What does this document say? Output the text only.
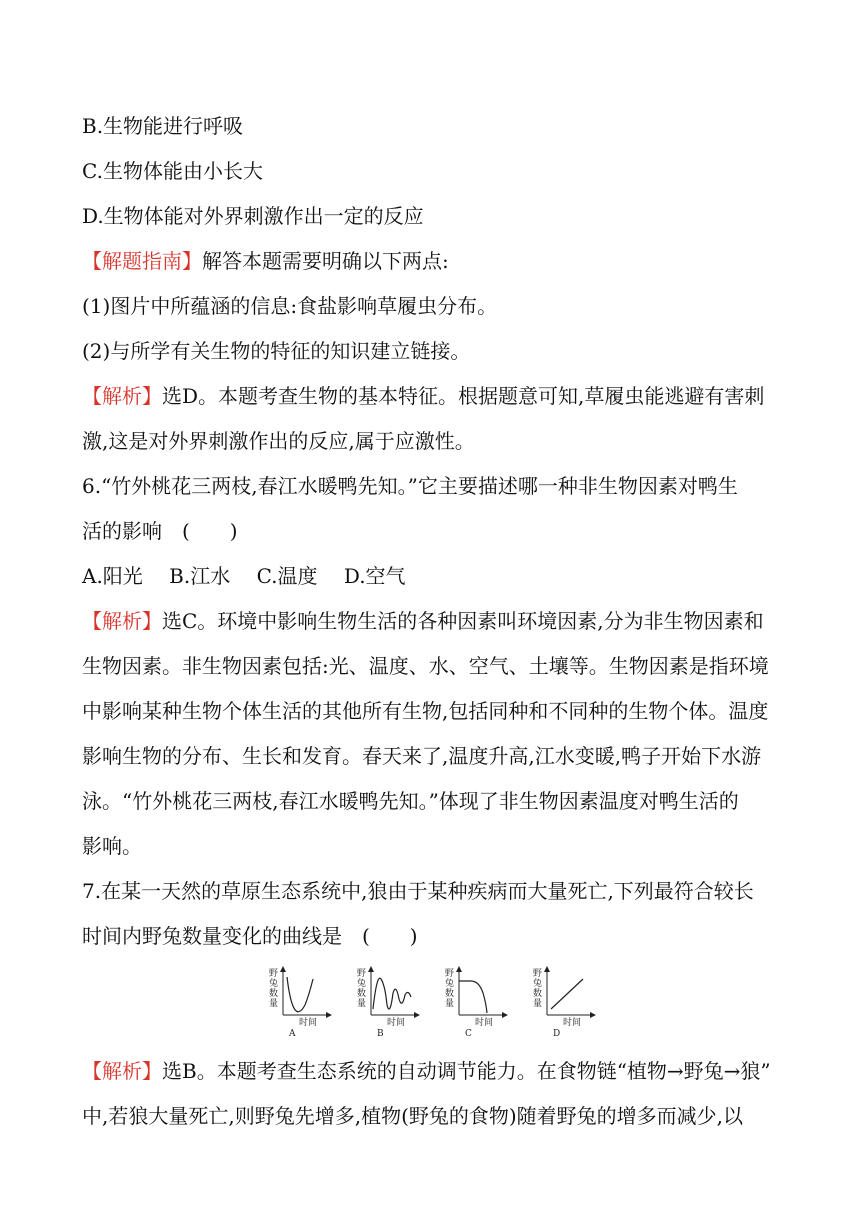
B.生物能进行呼吸
C.生物体能由小长大
D.生物体能对外界刺激作出一定的反应
【解题指南】解答本题需要明确以下两点:
(1)图片中所蕴涵的信息:食盐影响草履虫分布。
(2)与所学有关生物的特征的知识建立链接。
【解析】选D。本题考查生物的基本特征。根据题意可知,草履虫能逃避有害刺
激,这是对外界刺激作出的反应,属于应激性。
6.“竹外桃花三两枝,春江水暖鸭先知。”它主要描述哪一种非生物因素对鸭生
活的影响　(　　)
A.阳光　 B.江水　 C.温度　 D.空气
【解析】选C。环境中影响生物生活的各种因素叫环境因素,分为非生物因素和
生物因素。非生物因素包括:光、温度、水、空气、土壤等。生物因素是指环境
中影响某种生物个体生活的其他所有生物,包括同种和不同种的生物个体。温度
影响生物的分布、生长和发育。春天来了,温度升高,江水变暖,鸭子开始下水游
泳。“竹外桃花三两枝,春江水暖鸭先知。”体现了非生物因素温度对鸭生活的
影响。
7.在某一天然的草原生态系统中,狼由于某种疾病而大量死亡,下列最符合较长
时间内野兔数量变化的曲线是　(　　)
野兔数量
时间
A
野兔数量
时间
B
野兔数量
时间
C
野兔数量
时间
D
【解析】选B。本题考查生态系统的自动调节能力。在食物链“植物→野兔→狼”
中,若狼大量死亡,则野兔先增多,植物(野兔的食物)随着野兔的增多而减少,以
